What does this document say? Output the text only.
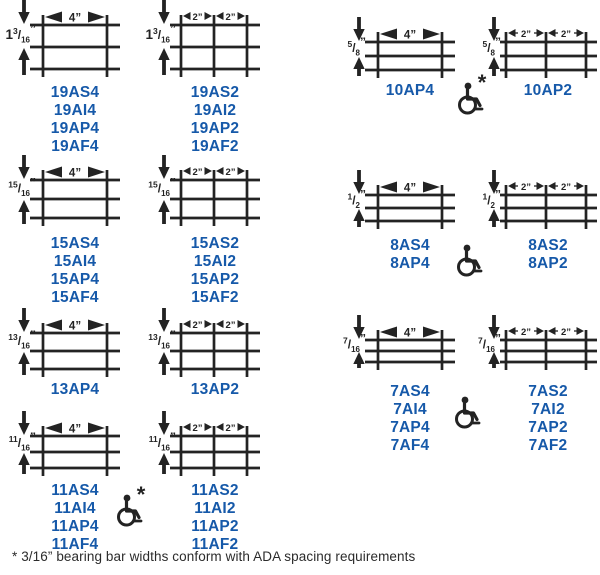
* 3/16” bearing bar widths conform with ADA spacing requirements
$1^3_{/16}^”$
4”
19AS4
19AI4
19AP4
19AF4
$1^3_{/16}^”$
2” 2”
19AS2
19AI2
19AP2
19AF2
$^{15}_{/16}$”
4”
15AS4
15AI4
15AP4
15AF4
$^{15}_{/16}$”
2” 2”
15AS2
15AI2
15AP2
15AF2
$^{13}_{/16}$”
4”
13AP4
$^{13}_{/16}$”
2” 2”
13AP2
$^{11}_{/16}$”
4”
11AS4
11AI4
11AP4
11AF4
$^{11}_{/16}$”
2” 2”
11AS2
11AI2
11AP2
11AF2
$^5_{/8}$”	4”
10AP4
$^5_{/8}$”
2”	2”
10AP2
$^1_{/2}$”	4”
8AS4
8AP4
$^1_{/2}$” 2”	2”
8AS2
8AP2
$^7_{/16}$”	4”
7AS4
7AI4
7AP4
7AF4
$^7_{/16}$” 2”	2”
7AS2
7AI2
7AP2
7AF2
*
*
